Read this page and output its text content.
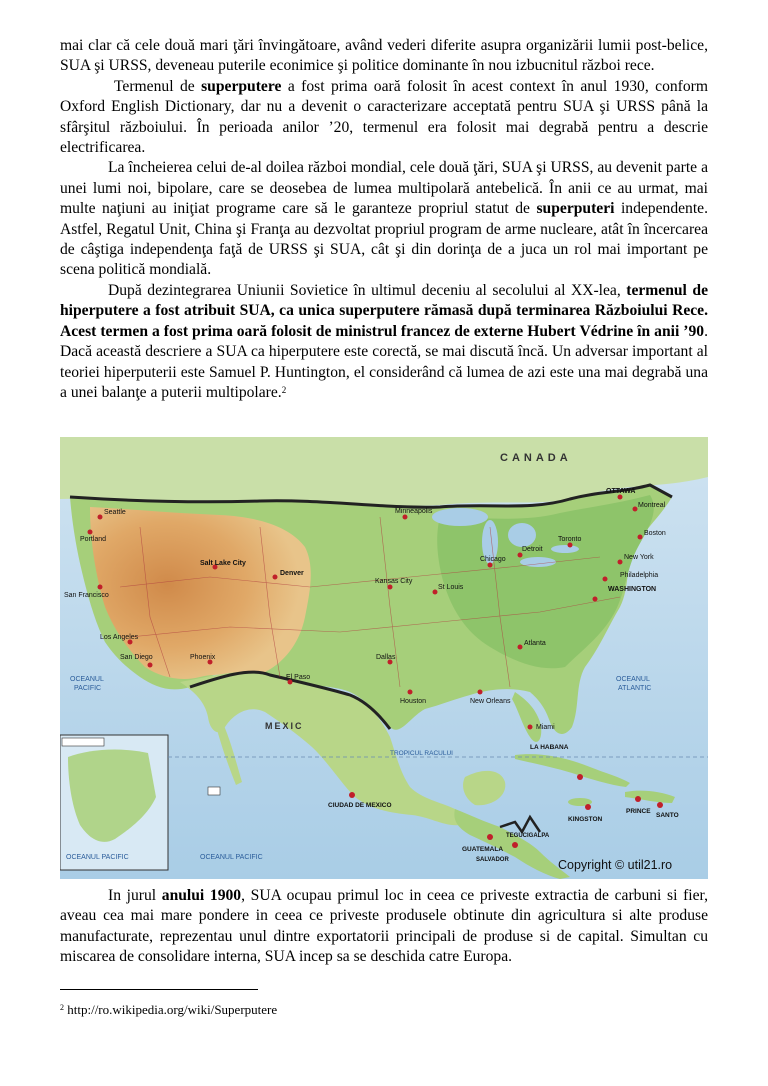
mai clar că cele două mari ţări învingătoare, având vederi diferite asupra organizării lumii post-belice, SUA şi URSS, deveneau puterile econimice şi politice dominante în nou izbucnitul război rece.

Termenul de superputere a fost prima oară folosit în acest context în anul 1930, conform Oxford English Dictionary, dar nu a devenit o caracterizare acceptată pentru SUA şi URSS până la sfârşitul războiului. În perioada anilor ’20, termenul era folosit mai degrabă pentru a descrie electrificarea.

La încheierea celui de-al doilea război mondial, cele două ţări, SUA şi URSS, au devenit parte a unei lumi noi, bipolare, care se deosebea de lumea multipolară antebelică. În anii ce au urmat, mai multe naţiuni au iniţiat programe care să le garanteze propriul statut de superputeri independente. Astfel, Regatul Unit, China şi Franţa au dezvoltat propriul program de arme nucleare, atât în încercarea de câştiga independenţa faţă de URSS şi SUA, cât şi din dorinţa de a juca un rol mai important pe scena politică mondială.

După dezintegrarea Uniunii Sovietice în ultimul deceniu al secolului al XX-lea, termenul de hiperputere a fost atribuit SUA, ca unica superputere rămasă după terminarea Războiului Rece. Acest termen a fost prima oară folosit de ministrul francez de externe Hubert Védrine în anii ’90. Dacă această descriere a SUA ca hiperputere este corectă, se mai discută încă. Un adversar important al teoriei hiperputerii este Samuel P. Huntington, el considerând că lumea de azi este una mai degrabă una a unei balanţe a puterii multipolare.$^2$

CANADA
MEXIC
OCEANUL
PACIFIC
OCEANUL
ATLANTIC
OCEANUL PACIFIC	OCEANUL PACIFIC
TROPICUL RACULUI
LA HABANA
CIUDAD DE MEXICO
Salt Lake City
San Francisco
Los Angeles
San Diego
Denver
Kansas City
St Louis
Chicago
Detroit
Minneapolis
Seattle
Portland
OTTAWA
Montreal
Toronto
Boston
New York
WASHINGTON
Philadelphia
Atlanta
Dallas
Houston	New Orleans
Miami
Phoenix
El Paso
KINGSTON
TEGUCIGALPA
GUATEMALA
SALVADOR
SANTO
PRINCE
Copyright © util21.ro

In jurul anului 1900, SUA ocupau primul loc in ceea ce priveste extractia de carbuni si fier, aveau cea mai mare pondere in ceea ce priveste produsele obtinute din agricultura si alte produse manufacturate, reprezentau unul dintre exportatorii principali de produse si de capital. Simultan cu miscarea de consolidare interna, SUA incep sa se deschida catre Europa.

$^2$ http://ro.wikipedia.org/wiki/Superputere
